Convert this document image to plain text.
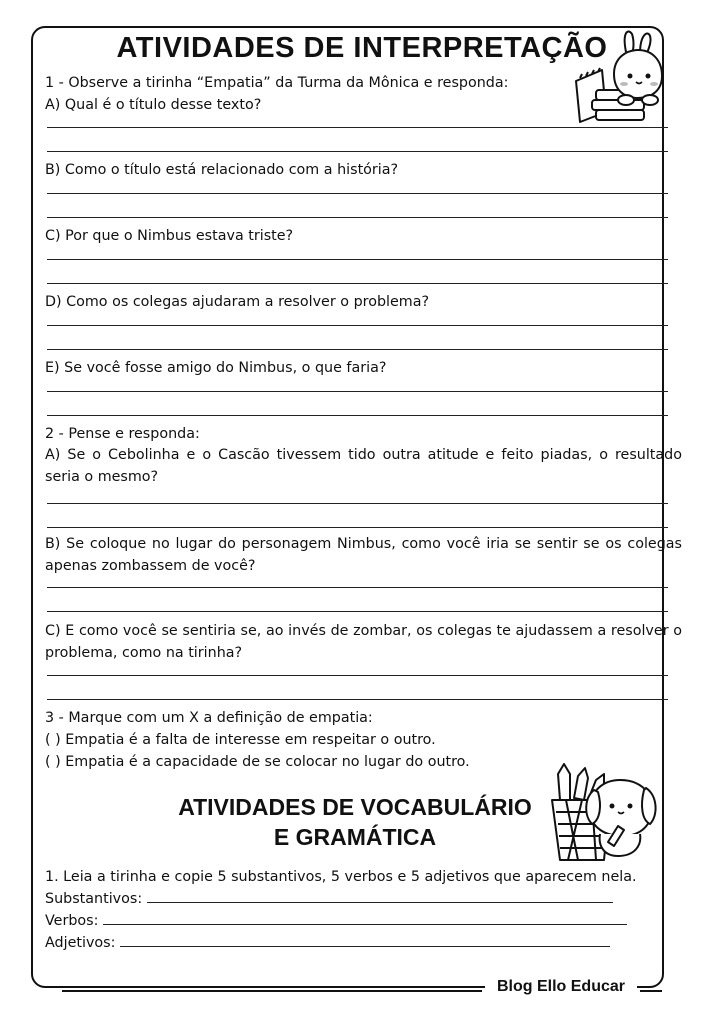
ATIVIDADES DE INTERPRETAÇÃO
1 - Observe a tirinha “Empatia” da Turma da Mônica e responda:
A) Qual é o título desse texto?
B) Como o título está relacionado com a história?
C) Por que o Nimbus estava triste?
D) Como os colegas ajudaram a resolver o problema?
E) Se você fosse amigo do Nimbus, o que faria?
2 - Pense e responda:
A) Se o Cebolinha e o Cascão tivessem tido outra atitude e feito piadas, o resultado seria o mesmo?
B) Se coloque no lugar do personagem Nimbus, como você iria se sentir se os colegas apenas zombassem de você?
C) E como você se sentiria se, ao invés de zombar, os colegas te ajudassem a resolver o problema, como na tirinha?
3 - Marque com um X a definição de empatia:
( ) Empatia é a falta de interesse em respeitar o outro.
( ) Empatia é a capacidade de se colocar no lugar do outro.
ATIVIDADES DE VOCABULÁRIO
E GRAMÁTICA
1. Leia a tirinha e copie 5 substantivos, 5 verbos e 5 adjetivos que aparecem nela.
Substantivos:
Verbos:
Adjetivos:
Blog Ello Educar
